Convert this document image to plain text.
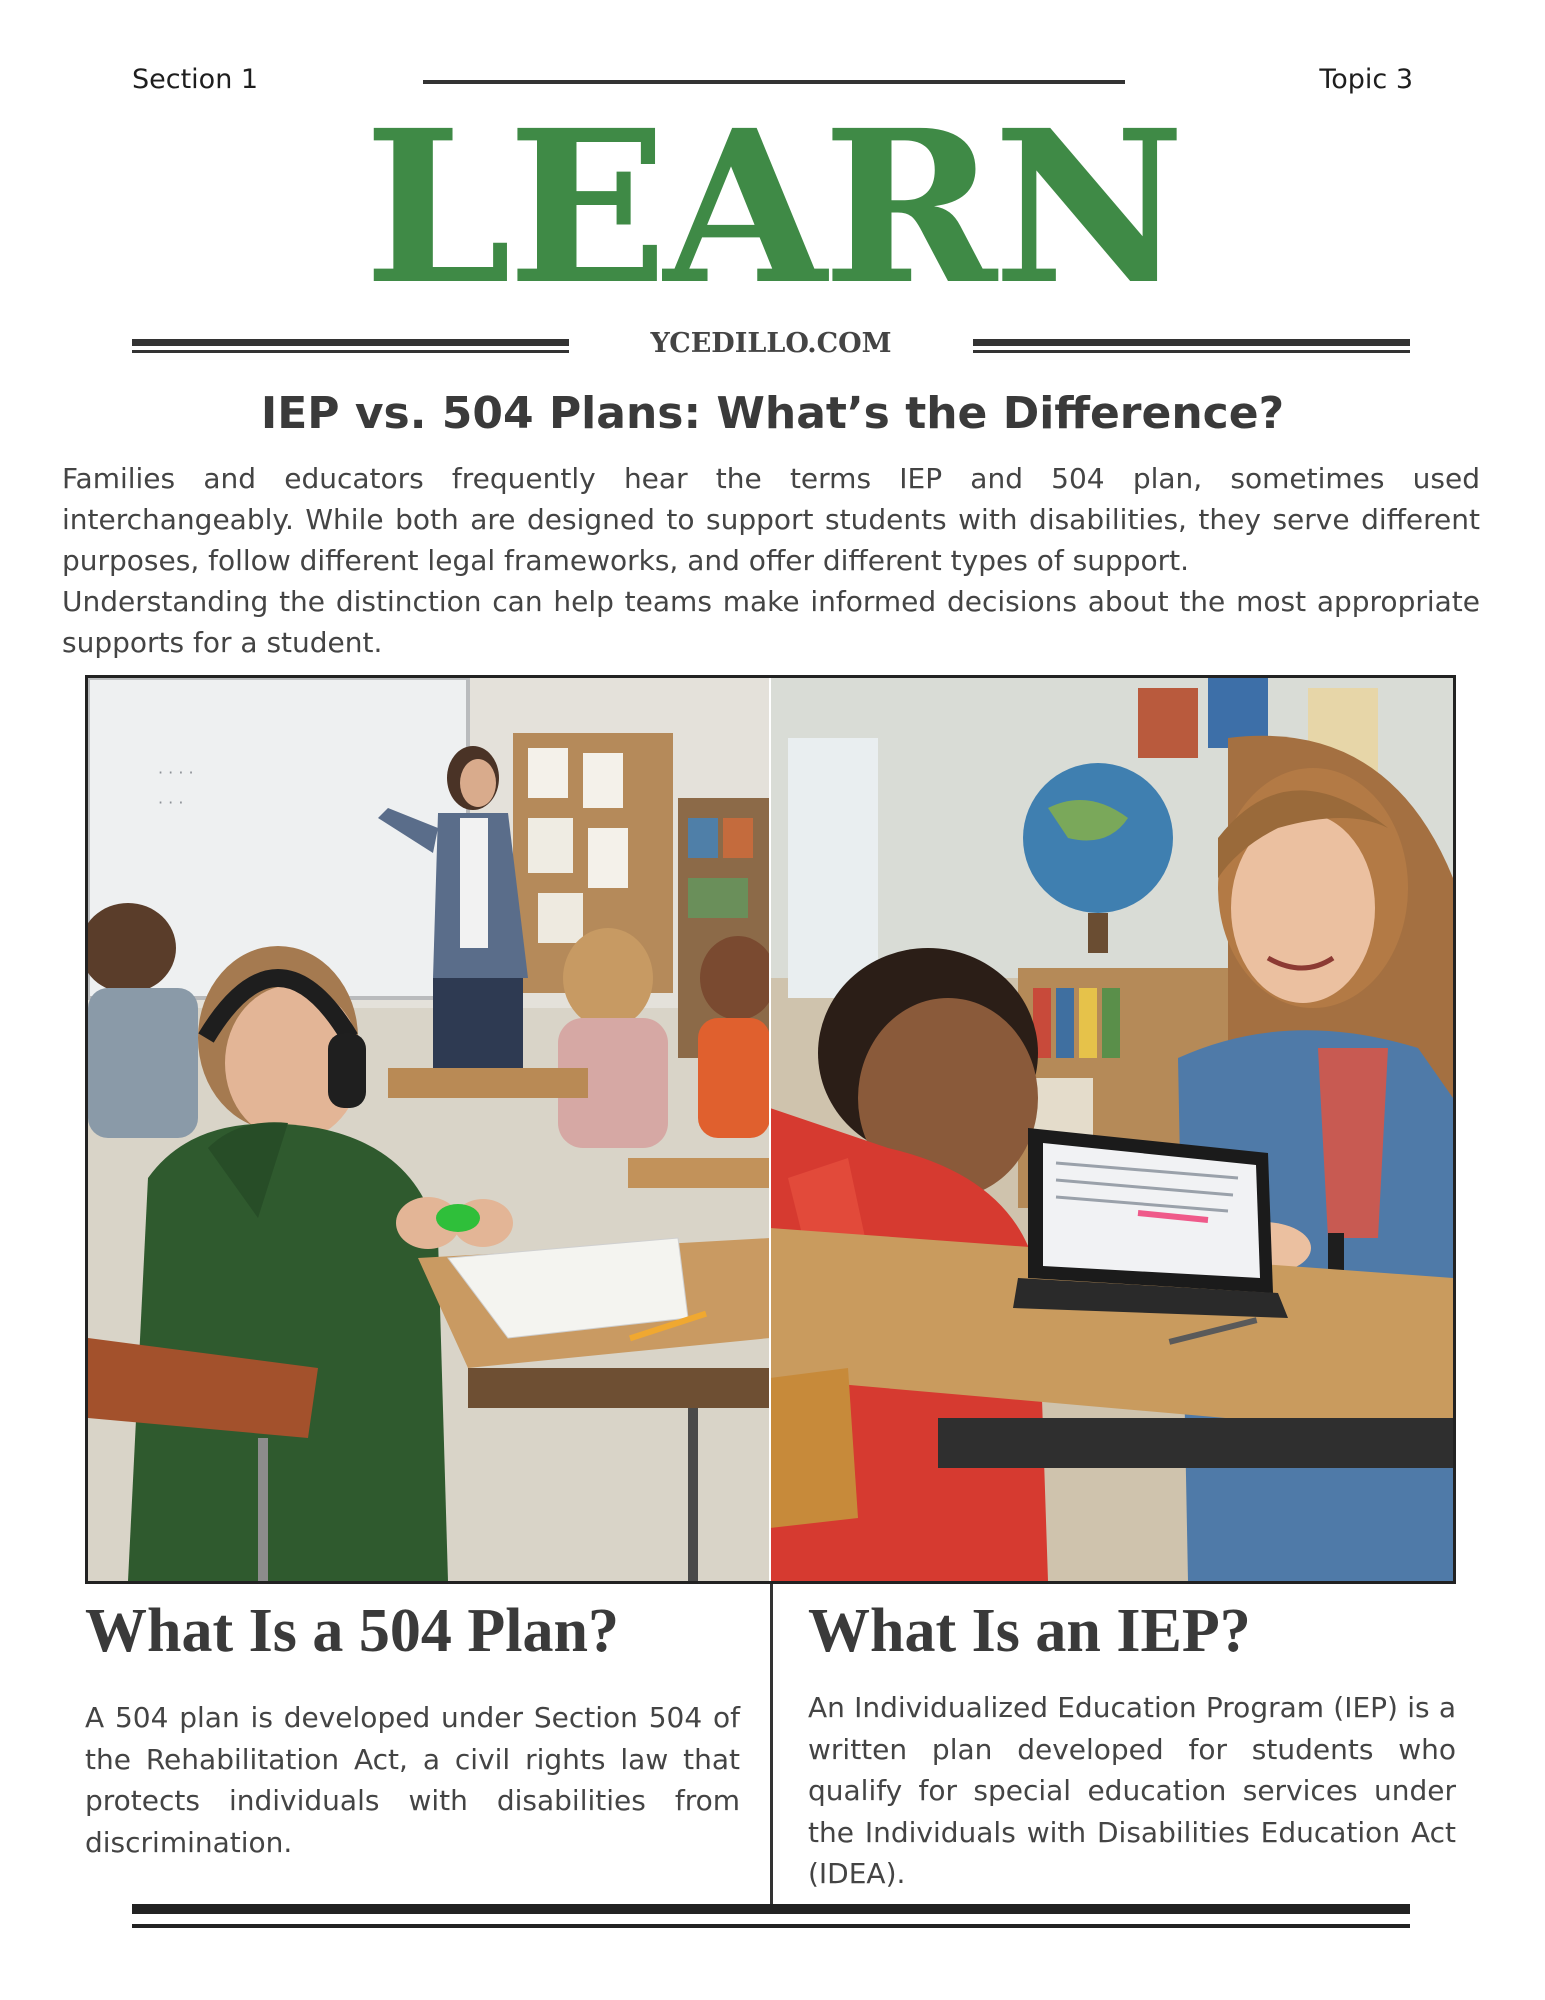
Section 1	Topic 3
LEARN
YCEDILLO.COM
IEP vs. 504 Plans: What’s the Difference?

Families and educators frequently hear the terms IEP and 504 plan, sometimes used interchangeably. While both are designed to support students with disabilities, they serve different purposes, follow different legal frameworks, and offer different types of support.

Understanding the distinction can help teams make informed decisions about the most appropriate supports for a student.

· · · ·
· · ·
What Is a 504 Plan?
A 504 plan is developed under Section 504 of the Rehabilitation Act, a civil rights law that protects individuals with disabilities from discrimination.
What Is an IEP?
An Individualized Education Program (IEP) is a written plan developed for students who qualify for special education services under the Individuals with Disabilities Education Act (IDEA).
